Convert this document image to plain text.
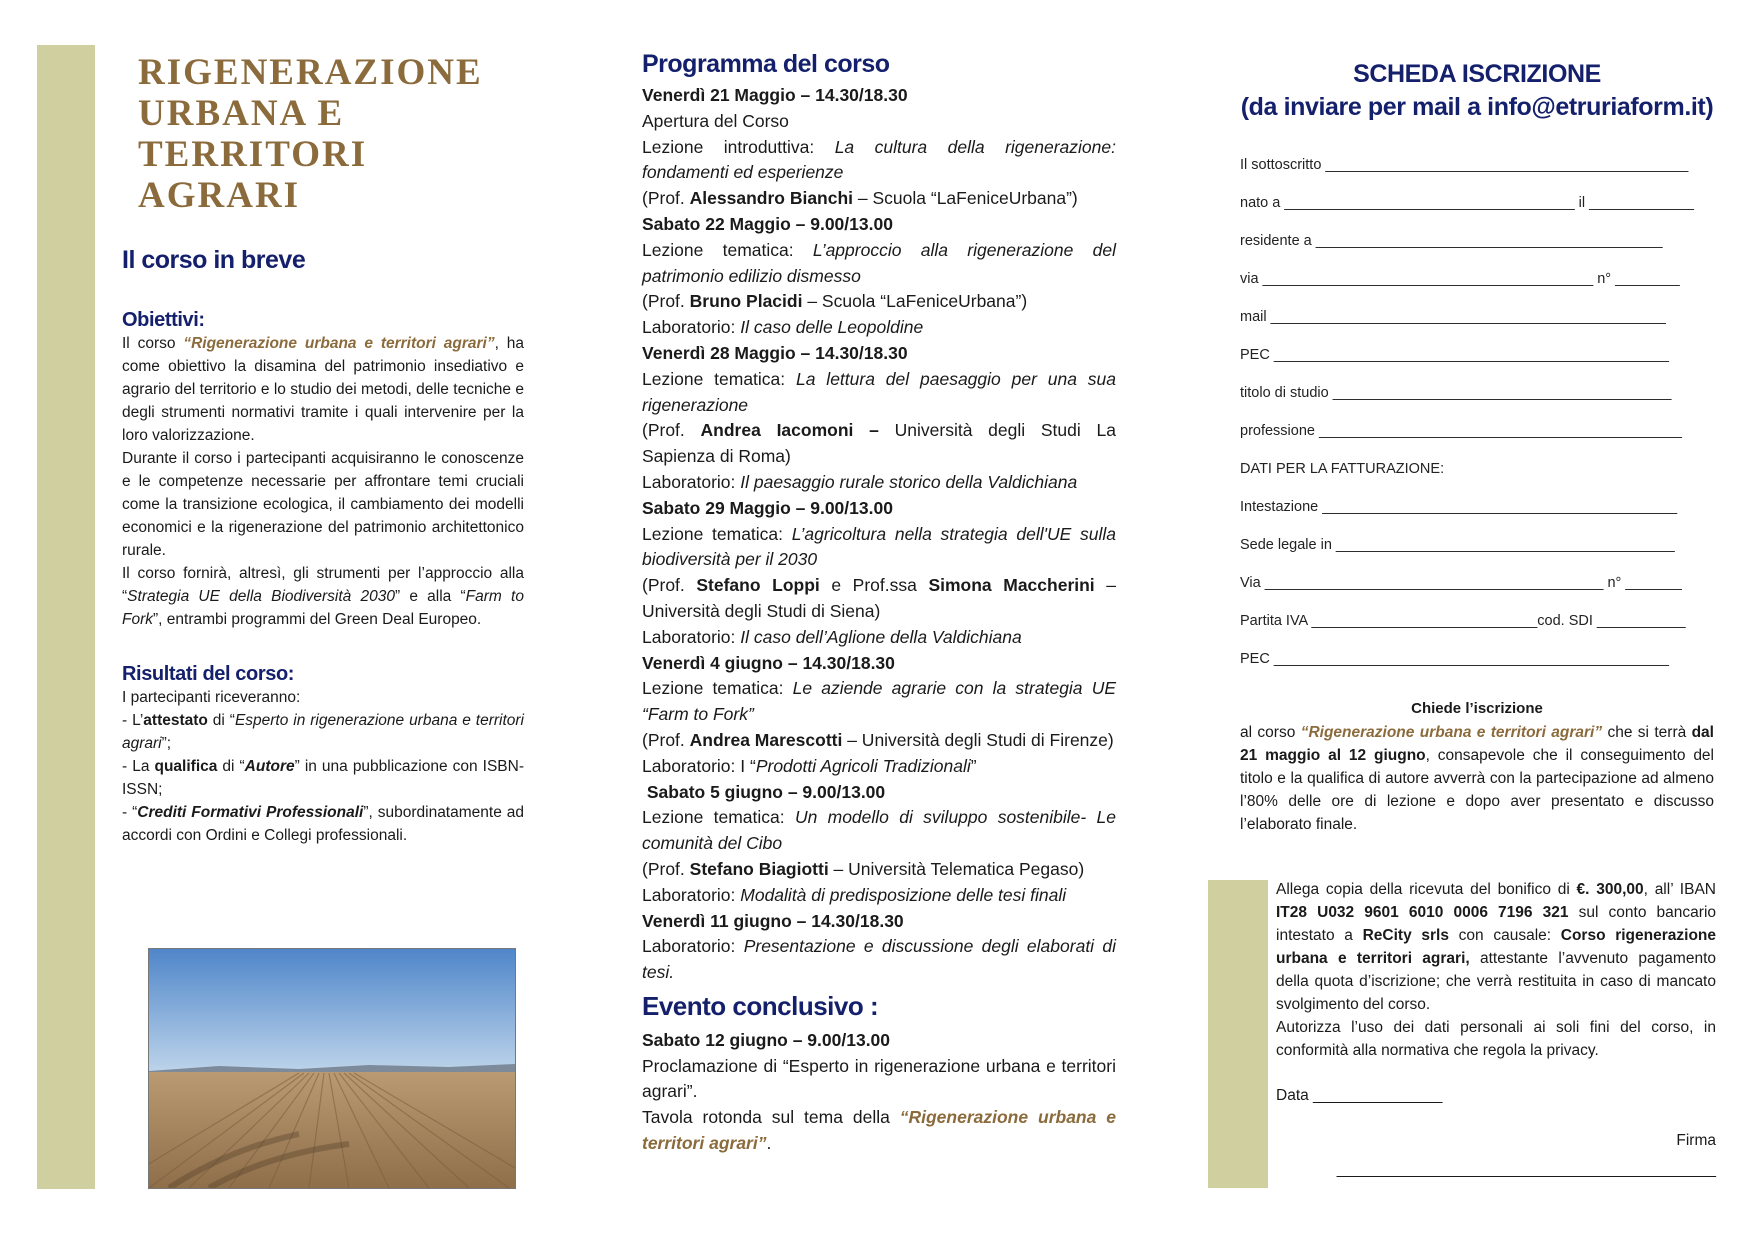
RIGENERAZIONE
URBANA E
TERRITORI AGRARI
Il corso in breve
Obiettivi:

Il corso “Rigenerazione urbana e territori agrari”, ha come obiettivo la disamina del patrimonio insediativo e agrario del territorio e lo studio dei metodi, delle tecniche e degli strumenti normativi tramite i quali intervenire per la loro valorizzazione.

Durante il corso i partecipanti acquisiranno le conoscenze e le competenze necessarie per affrontare temi cruciali come la transizione ecologica, il cambiamento dei modelli economici e la rigenerazione del patrimonio architettonico rurale.

Il corso fornirà, altresì, gli strumenti per l’approccio alla “Strategia UE della Biodiversità 2030” e alla “Farm to Fork”, entrambi programmi del Green Deal Europeo.

Risultati del corso:

I partecipanti riceveranno:

- L’attestato di “Esperto in rigenerazione urbana e territori agrari”;

- La qualifica di “Autore” in una pubblicazione con ISBN-ISSN;

- “Crediti Formativi Professionali”, subordinatamente ad accordi con Ordini e Collegi professionali.

Programma del corso

Venerdì 21 Maggio – 14.30/18.30

Apertura del Corso

Lezione introduttiva: La cultura della rigenerazione: fondamenti ed esperienze

(Prof. Alessandro Bianchi – Scuola “LaFeniceUrbana”)

Sabato 22 Maggio – 9.00/13.00

Lezione tematica: L’approccio alla rigenerazione del patrimonio edilizio dismesso

(Prof. Bruno Placidi – Scuola “LaFeniceUrbana”)

Laboratorio: Il caso delle Leopoldine

Venerdì 28 Maggio – 14.30/18.30

Lezione tematica: La lettura del paesaggio per una sua rigenerazione

(Prof. Andrea Iacomoni – Università degli Studi La Sapienza di Roma)

Laboratorio: Il paesaggio rurale storico della Valdichiana

Sabato 29 Maggio – 9.00/13.00

Lezione tematica: L’agricoltura nella strategia dell'UE sulla biodiversità per il 2030

(Prof. Stefano Loppi e Prof.ssa Simona Maccherini – Università degli Studi di Siena)

Laboratorio: Il caso dell’Aglione della Valdichiana

Venerdì 4 giugno – 14.30/18.30

Lezione tematica: Le aziende agrarie con la strategia UE “Farm to Fork”

(Prof. Andrea Marescotti – Università degli Studi di Firenze)

Laboratorio: I “Prodotti Agricoli Tradizionali”

Sabato 5 giugno – 9.00/13.00

Lezione tematica: Un modello di sviluppo sostenibile- Le comunità del Cibo

(Prof. Stefano Biagiotti – Università Telematica Pegaso)

Laboratorio: Modalità di predisposizione delle tesi finali

Venerdì 11 giugno – 14.30/18.30

Laboratorio: Presentazione e discussione degli elaborati di tesi.

Evento conclusivo :

Sabato 12 giugno – 9.00/13.00

Proclamazione di “Esperto in rigenerazione urbana e territori agrari”.

Tavola rotonda sul tema della “Rigenerazione urbana e territori agrari”.

SCHEDA ISCRIZIONE
(da inviare per mail a info@etruriaform.it)
Il sottoscritto _____________________________________________
nato a ____________________________________ il _____________
residente a ___________________________________________
via _________________________________________ n° ________
mail _________________________________________________
PEC _________________________________________________
titolo di studio __________________________________________
professione _____________________________________________
DATI PER LA FATTURAZIONE:
Intestazione ____________________________________________
Sede legale in __________________________________________
Via __________________________________________ n° _______
Partita IVA ____________________________cod. SDI ___________
PEC _________________________________________________
Chiede l’iscrizione
al corso “Rigenerazione urbana e territori agrari” che si terrà dal 21 maggio al 12 giugno, consapevole che il conseguimento del titolo e la qualifica di autore avverrà con la partecipazione ad almeno l’80% delle ore di lezione e dopo aver presentato e discusso l’elaborato finale.

Allega copia della ricevuta del bonifico di €. 300,00, all’ IBAN IT28 U032 9601 6010 0006 7196 321 sul conto bancario intestato a ReCity srls con causale: Corso rigenerazione urbana e territori agrari, attestante l’avvenuto pagamento della quota d’iscrizione; che verrà restituita in caso di mancato svolgimento del corso.

Autorizza l’uso dei dati personali ai soli fini del corso, in conformità alla normativa che regola la privacy.

Data _______________

Firma

____________________________________________
